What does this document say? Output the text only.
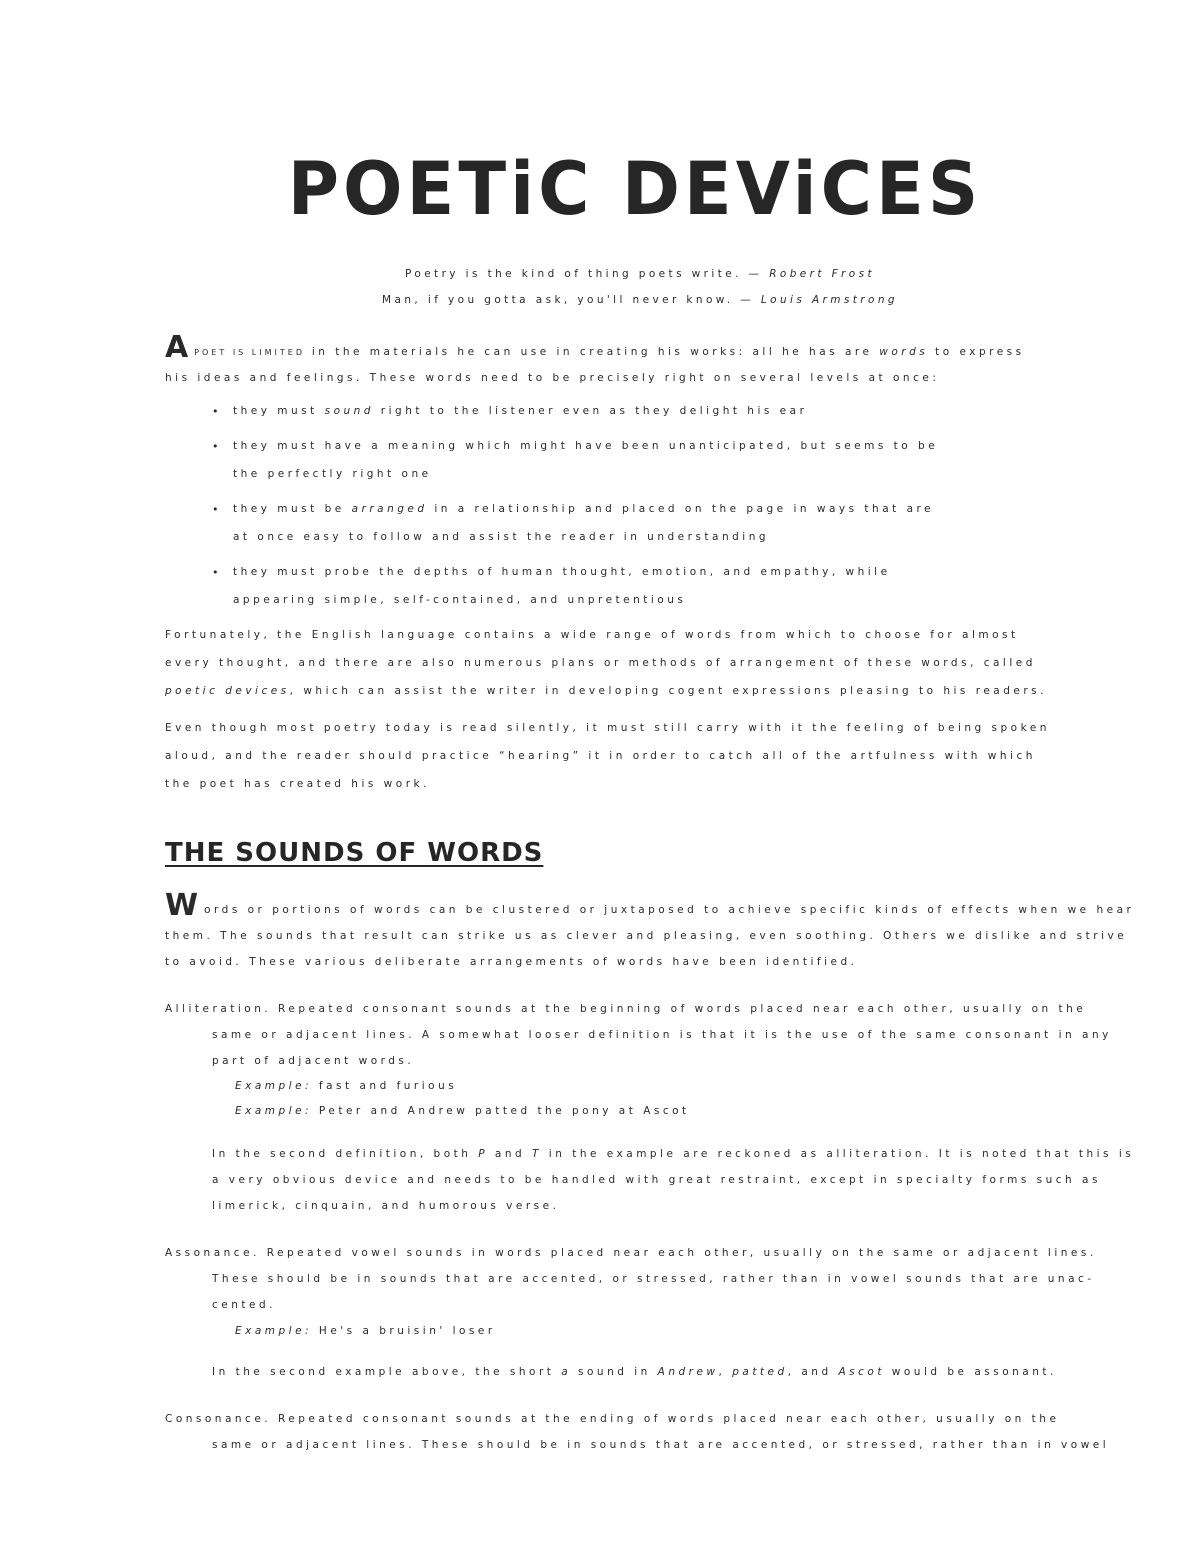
POETiC DEViCES
Poetry is the kind of thing poets write. — Robert Frost
Man, if you gotta ask, you'll never know. — Louis Armstrong
APOET IS LIMITED in the materials he can use in creating his works: all he has are words to express
his ideas and feelings. These words need to be precisely right on several levels at once:
• they must sound right to the listener even as they delight his ear
• they must have a meaning which might have been unanticipated, but seems to be
the perfectly right one
• they must be arranged in a relationship and placed on the page in ways that are
at once easy to follow and assist the reader in understanding
• they must probe the depths of human thought, emotion, and empathy, while
appearing simple, self-contained, and unpretentious
Fortunately, the English language contains a wide range of words from which to choose for almost
every thought, and there are also numerous plans or methods of arrangement of these words, called
poetic devices, which can assist the writer in developing cogent expressions pleasing to his readers.
Even though most poetry today is read silently, it must still carry with it the feeling of being spoken
aloud, and the reader should practice “hearing” it in order to catch all of the artfulness with which
the poet has created his work.
THE SOUNDS OF WORDS
Words or portions of words can be clustered or juxtaposed to achieve specific kinds of effects when we hear
them. The sounds that result can strike us as clever and pleasing, even soothing. Others we dislike and strive
to avoid. These various deliberate arrangements of words have been identified.
Alliteration. Repeated consonant sounds at the beginning of words placed near each other, usually on the
same or adjacent lines. A somewhat looser definition is that it is the use of the same consonant in any
part of adjacent words.
Example: fast and furious
Example: Peter and Andrew patted the pony at Ascot
In the second definition, both P and T in the example are reckoned as alliteration. It is noted that this is
a very obvious device and needs to be handled with great restraint, except in specialty forms such as
limerick, cinquain, and humorous verse.
Assonance. Repeated vowel sounds in words placed near each other, usually on the same or adjacent lines.
These should be in sounds that are accented, or stressed, rather than in vowel sounds that are unac-
cented.
Example: He's a bruisin' loser
In the second example above, the short a sound in Andrew, patted, and Ascot would be assonant.
Consonance. Repeated consonant sounds at the ending of words placed near each other, usually on the
same or adjacent lines. These should be in sounds that are accented, or stressed, rather than in vowel
